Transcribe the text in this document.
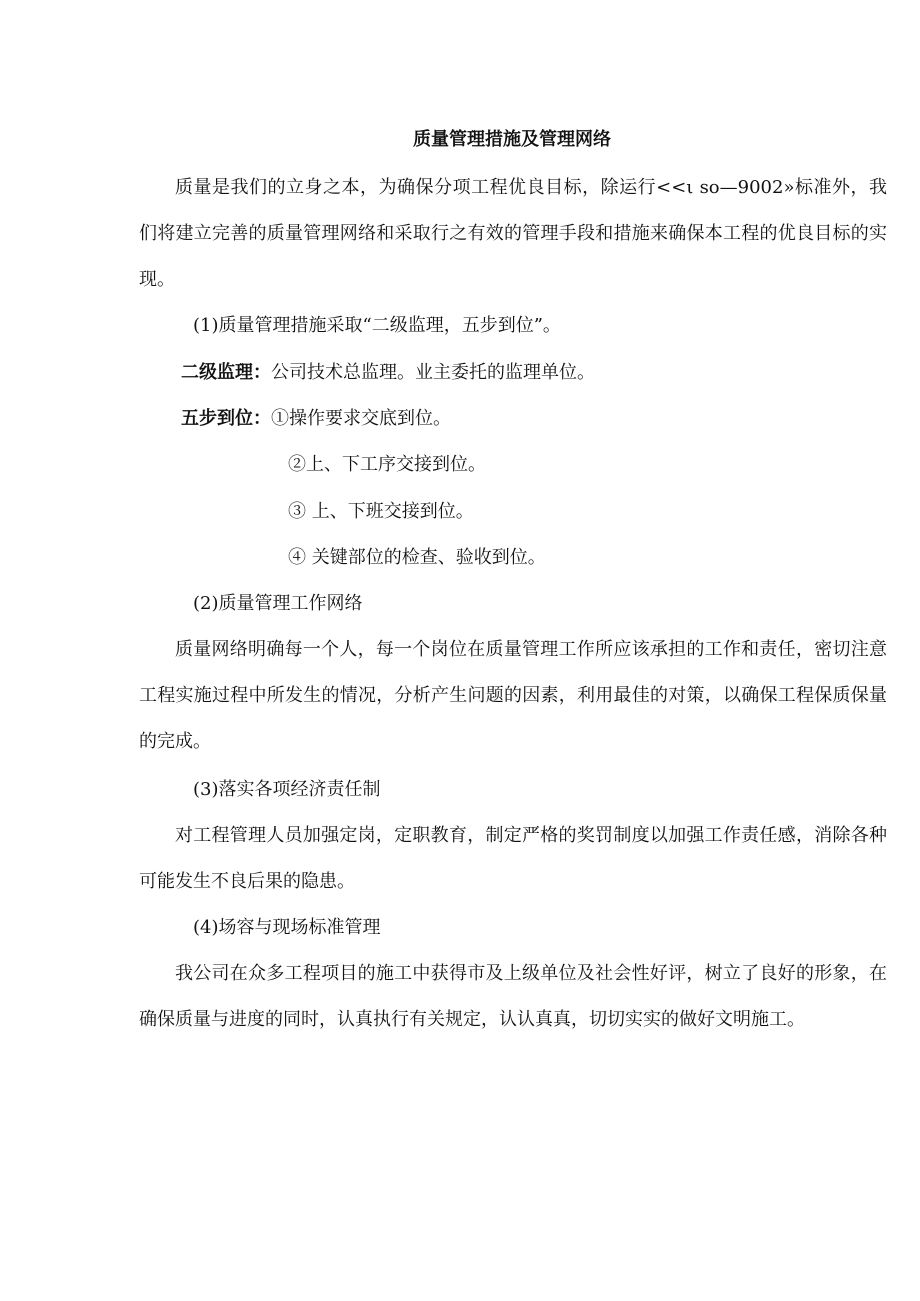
质量管理措施及管理网络

质量是我们的立身之本，为确保分项工程优良目标，除运行<<ι so—9002»标准外，我们将建立完善的质量管理网络和采取行之有效的管理手段和措施来确保本工程的优良目标的实现。

(1)质量管理措施采取“二级监理，五步到位”。
二级监理：公司技术总监理。业主委托的监理单位。
五步到位：①操作要求交底到位。
②上、下工序交接到位。
③ 上、下班交接到位。
④ 关键部位的检查、验收到位。
(2)质量管理工作网络

质量网络明确每一个人，每一个岗位在质量管理工作所应该承担的工作和责任，密切注意工程实施过程中所发生的情况，分析产生问题的因素，利用最佳的对策，以确保工程保质保量的完成。

(3)落实各项经济责任制

对工程管理人员加强定岗，定职教育，制定严格的奖罚制度以加强工作责任感，消除各种可能发生不良后果的隐患。

(4)场容与现场标准管理

我公司在众多工程项目的施工中获得市及上级单位及社会性好评，树立了良好的形象，在确保质量与进度的同时，认真执行有关规定，认认真真，切切实实的做好文明施工。
